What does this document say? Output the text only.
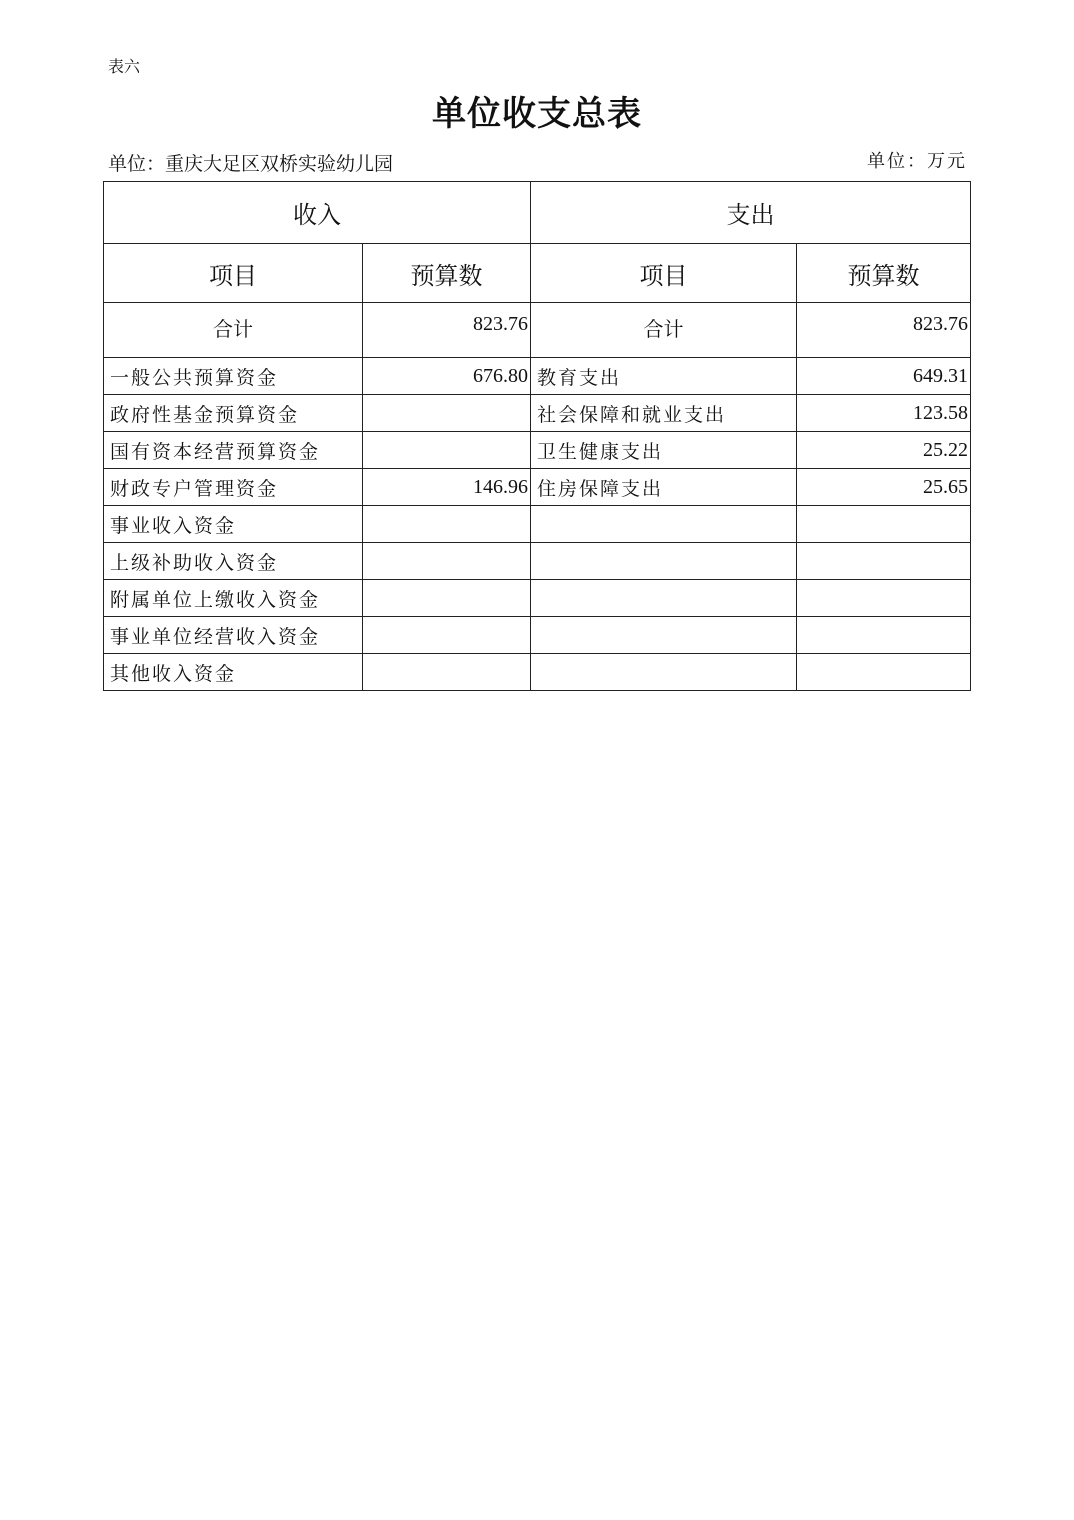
表六
单位收支总表
单位：重庆大足区双桥实验幼儿园	单位：万元
收入		支出	
项目	预算数	项目	预算数
合计	823.76	合计	823.76
一般公共预算资金	676.80	教育支出	649.31
政府性基金预算资金		社会保障和就业支出	123.58
国有资本经营预算资金		卫生健康支出	25.22
财政专户管理资金	146.96	住房保障支出	25.65
事业收入资金			
上级补助收入资金			
附属单位上缴收入资金			
事业单位经营收入资金			
其他收入资金			
